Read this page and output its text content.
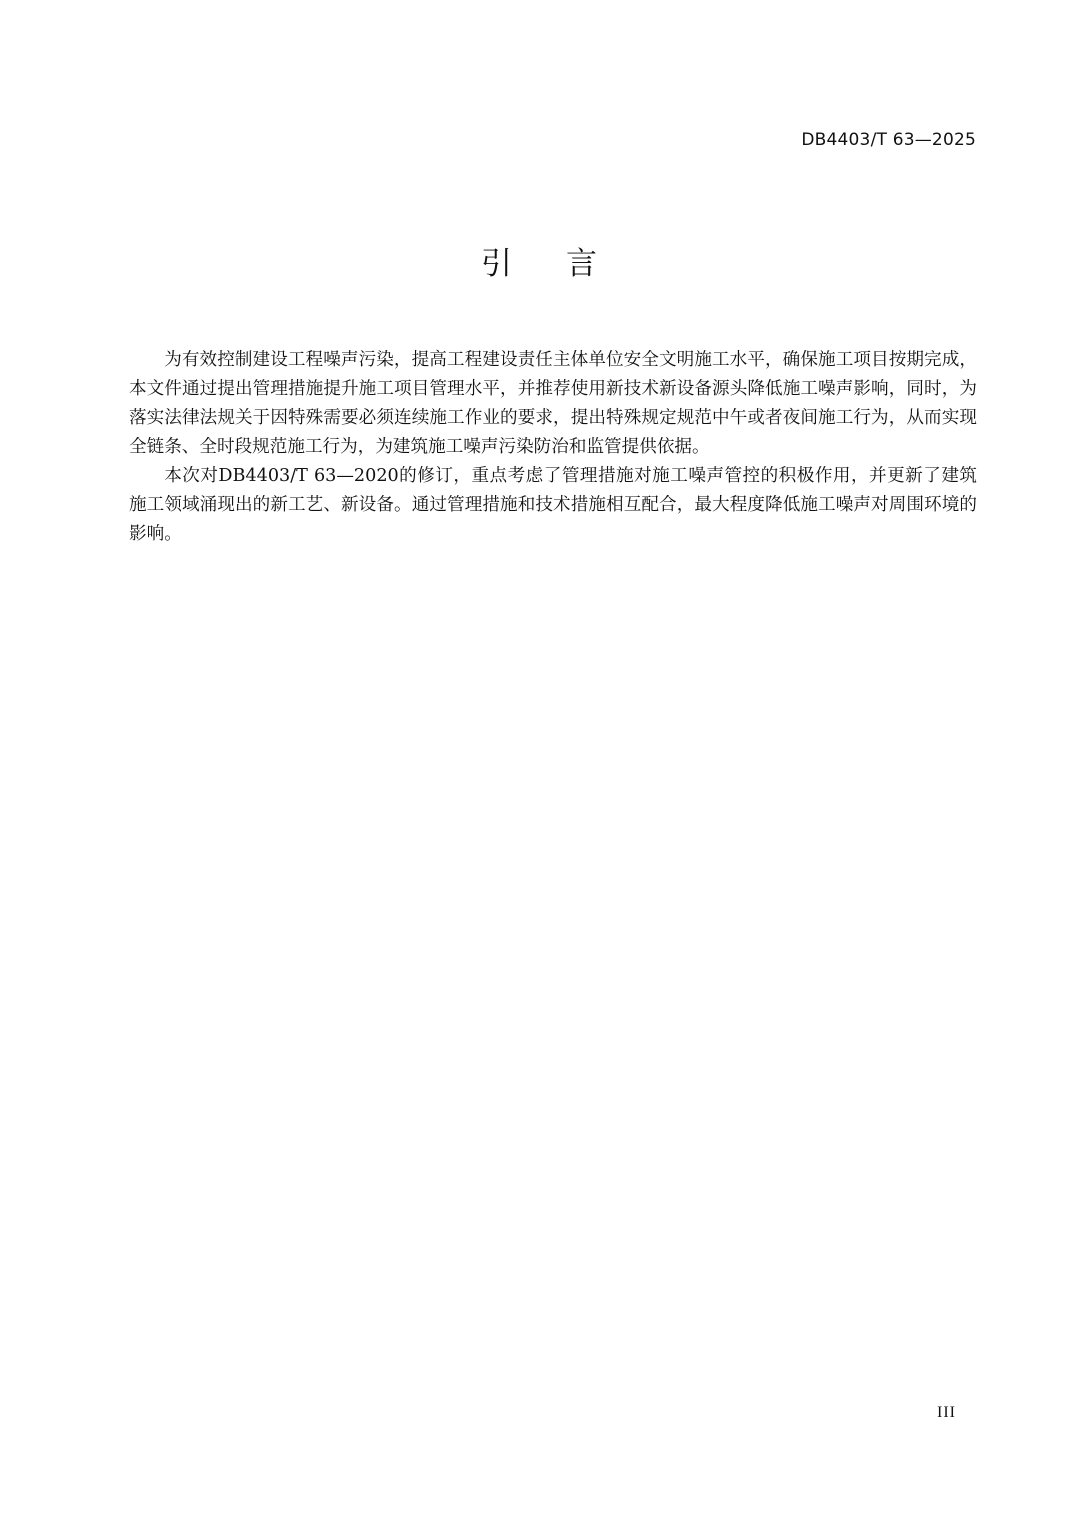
DB4403/T 63—2025
引 言

为有效控制建设工程噪声污染，提高工程建设责任主体单位安全文明施工水平，确保施工项目按期完成，本文件通过提出管理措施提升施工项目管理水平，并推荐使用新技术新设备源头降低施工噪声影响，同时，为落实法律法规关于因特殊需要必须连续施工作业的要求，提出特殊规定规范中午或者夜间施工行为，从而实现全链条、全时段规范施工行为，为建筑施工噪声污染防治和监管提供依据。

本次对DB4403/T 63—2020的修订，重点考虑了管理措施对施工噪声管控的积极作用，并更新了建筑施工领域涌现出的新工艺、新设备。通过管理措施和技术措施相互配合，最大程度降低施工噪声对周围环境的影响。

III
